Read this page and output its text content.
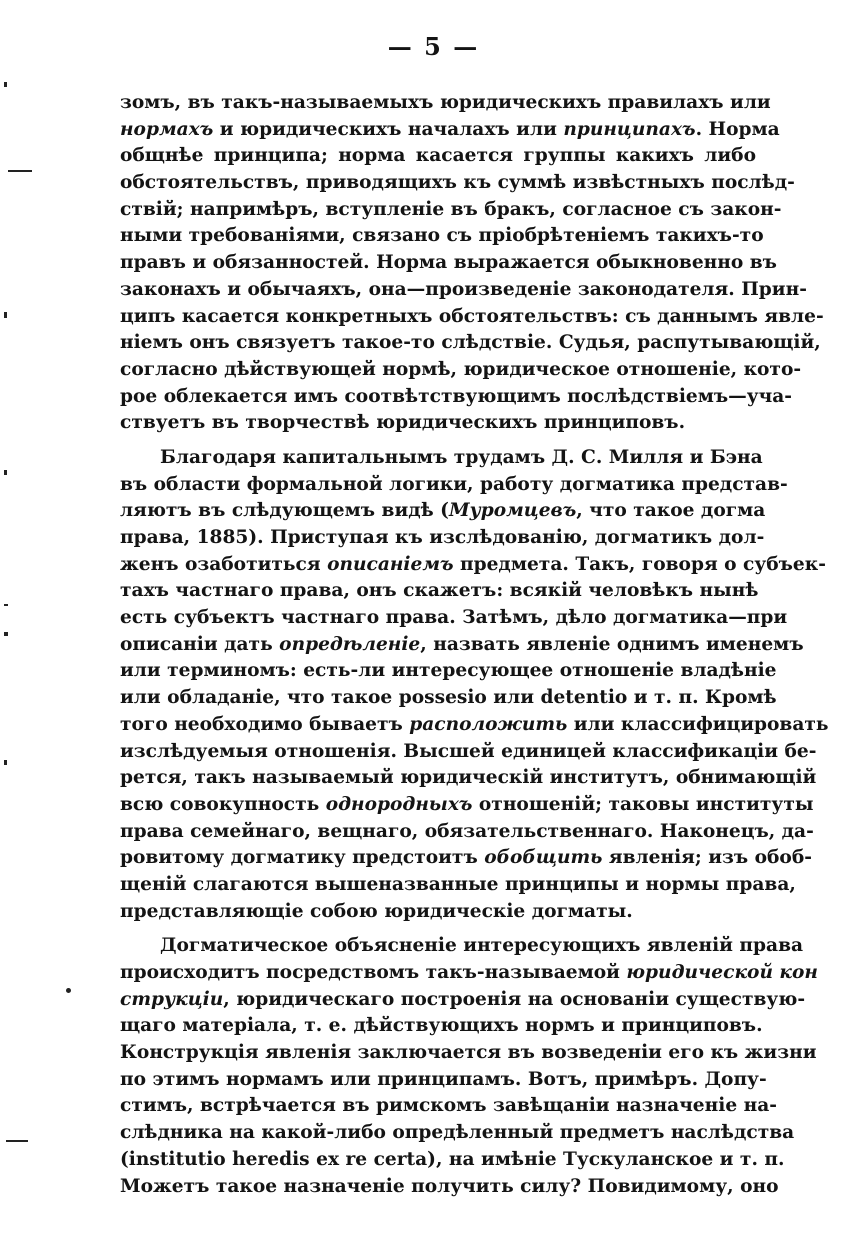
— 5 —
зомъ, въ такъ-называемыхъ юридическихъ правилахъ или
нормахъ и юридическихъ началахъ или принципахъ. Норма
общнѣе принципа; норма касается группы какихъ либо
обстоятельствъ, приводящихъ къ суммѣ извѣстныхъ послѣд-
ствій; напримѣръ, вступленіе въ бракъ, согласное съ закон-
ными требованіями, связано съ пріобрѣтеніемъ такихъ-то
правъ и обязанностей. Норма выражается обыкновенно въ
законахъ и обычаяхъ, она—произведеніе законодателя. Прин-
ципъ касается конкретныхъ обстоятельствъ: съ даннымъ явле-
ніемъ онъ связуетъ такое-то слѣдствіе. Судья, распутывающій,
согласно дѣйствующей нормѣ, юридическое отношеніе, кото-
рое облекается имъ соотвѣтствующимъ послѣдствіемъ—уча-
ствуетъ въ творчествѣ юридическихъ принциповъ.
Благодаря капитальнымъ трудамъ Д. С. Милля и Бэна
въ области формальной логики, работу догматика представ-
ляютъ въ слѣдующемъ видѣ (Муромцевъ, что такое догма
права, 1885). Приступая къ изслѣдованію, догматикъ дол-
женъ озаботиться описаніемъ предмета. Такъ, говоря о субъек-
тахъ частнаго права, онъ скажетъ: всякій человѣкъ нынѣ
есть субъектъ частнаго права. Затѣмъ, дѣло догматика—при
описаніи дать опредѣленіе, назвать явленіе однимъ именемъ
или терминомъ: есть-ли интересующее отношеніе владѣніе
или обладаніе, что такое possesio или detentio и т. п. Кромѣ
того необходимо бываетъ расположить или классифицировать
изслѣдуемыя отношенія. Высшей единицей классификаціи бе-
рется, такъ называемый юридическій институтъ, обнимающій
всю совокупность однородныхъ отношеній; таковы институты
права семейнаго, вещнаго, обязательственнаго. Наконецъ, да-
ровитому догматику предстоитъ обобщить явленія; изъ обоб-
щеній слагаются вышеназванные принципы и нормы права,
представляющіе собою юридическіе догматы.
Догматическое объясненіе интересующихъ явленій права
происходитъ посредствомъ такъ-называемой юридической кон
струкціи, юридическаго построенія на основаніи существую-
щаго матеріала, т. е. дѣйствующихъ нормъ и принциповъ.
Конструкція явленія заключается въ возведеніи его къ жизни
по этимъ нормамъ или принципамъ. Вотъ, примѣръ. Допу-
стимъ, встрѣчается въ римскомъ завѣщаніи назначеніе на-
слѣдника на какой-либо опредѣленный предметъ наслѣдства
(institutio heredis ex re certa), на имѣніе Тускуланское и т. п.
Можетъ такое назначеніе получить силу? Повидимому, оно
